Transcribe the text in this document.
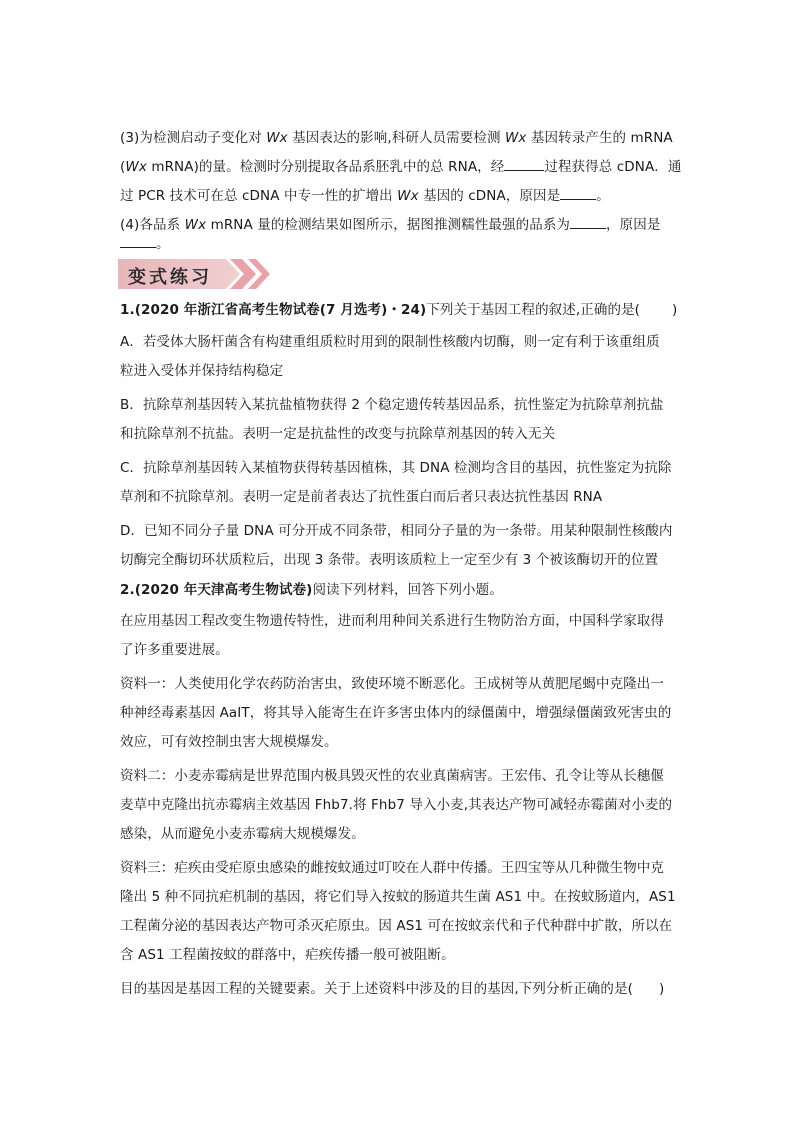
(3)为检测启动子变化对 Wx 基因表达的影响,科研人员需要检测 Wx 基因转录产生的 mRNA
(Wx mRNA)的量。检测时分别提取各品系胚乳中的总 RNA，经	过程获得总 cDNA．通
过 PCR 技术可在总 cDNA 中专一性的扩增出 Wx 基因的 cDNA，原因是	。
(4)各品系 Wx mRNA 量的检测结果如图所示，据图推测糯性最强的品系为	，原因是
。
变式练习
1.(2020 年浙江省高考生物试卷(7 月选考)・24)下列关于基因工程的叙述,正确的是( )
A．若受体大肠杆菌含有构建重组质粒时用到的限制性核酸内切酶，则一定有利于该重组质
粒进入受体并保持结构稳定
B．抗除草剂基因转入某抗盐植物获得 2 个稳定遗传转基因品系，抗性鉴定为抗除草剂抗盐
和抗除草剂不抗盐。表明一定是抗盐性的改变与抗除草剂基因的转入无关
C．抗除草剂基因转入某植物获得转基因植株，其 DNA 检测均含目的基因，抗性鉴定为抗除
草剂和不抗除草剂。表明一定是前者表达了抗性蛋白而后者只表达抗性基因 RNA
D．已知不同分子量 DNA 可分开成不同条带，相同分子量的为一条带。用某种限制性核酸内
切酶完全酶切环状质粒后，出现 3 条带。表明该质粒上一定至少有 3 个被该酶切开的位置
2.(2020 年天津高考生物试卷)阅读下列材料，回答下列小题。
在应用基因工程改变生物遗传特性，进而利用种间关系进行生物防治方面，中国科学家取得
了许多重要进展。
资料一：人类使用化学农药防治害虫，致使环境不断恶化。王成树等从黄肥尾蝎中克隆出一
种神经毒素基因 AaIT，将其导入能寄生在许多害虫体内的绿僵菌中，增强绿僵菌致死害虫的
效应，可有效控制虫害大规模爆发。
资料二：小麦赤霉病是世界范围内极具毁灭性的农业真菌病害。王宏伟、孔令让等从长穗偃
麦草中克隆出抗赤霉病主效基因 Fhb7.将 Fhb7 导入小麦,其表达产物可减轻赤霉菌对小麦的
感染，从而避免小麦赤霉病大规模爆发。
资料三：疟疾由受疟原虫感染的雌按蚊通过叮咬在人群中传播。王四宝等从几种微生物中克
隆出 5 种不同抗疟机制的基因，将它们导入按蚊的肠道共生菌 AS1 中。在按蚊肠道内，AS1
工程菌分泌的基因表达产物可杀灭疟原虫。因 AS1 可在按蚊亲代和子代种群中扩散，所以在
含 AS1 工程菌按蚊的群落中，疟疾传播一般可被阻断。
目的基因是基因工程的关键要素。关于上述资料中涉及的目的基因,下列分析正确的是( )
